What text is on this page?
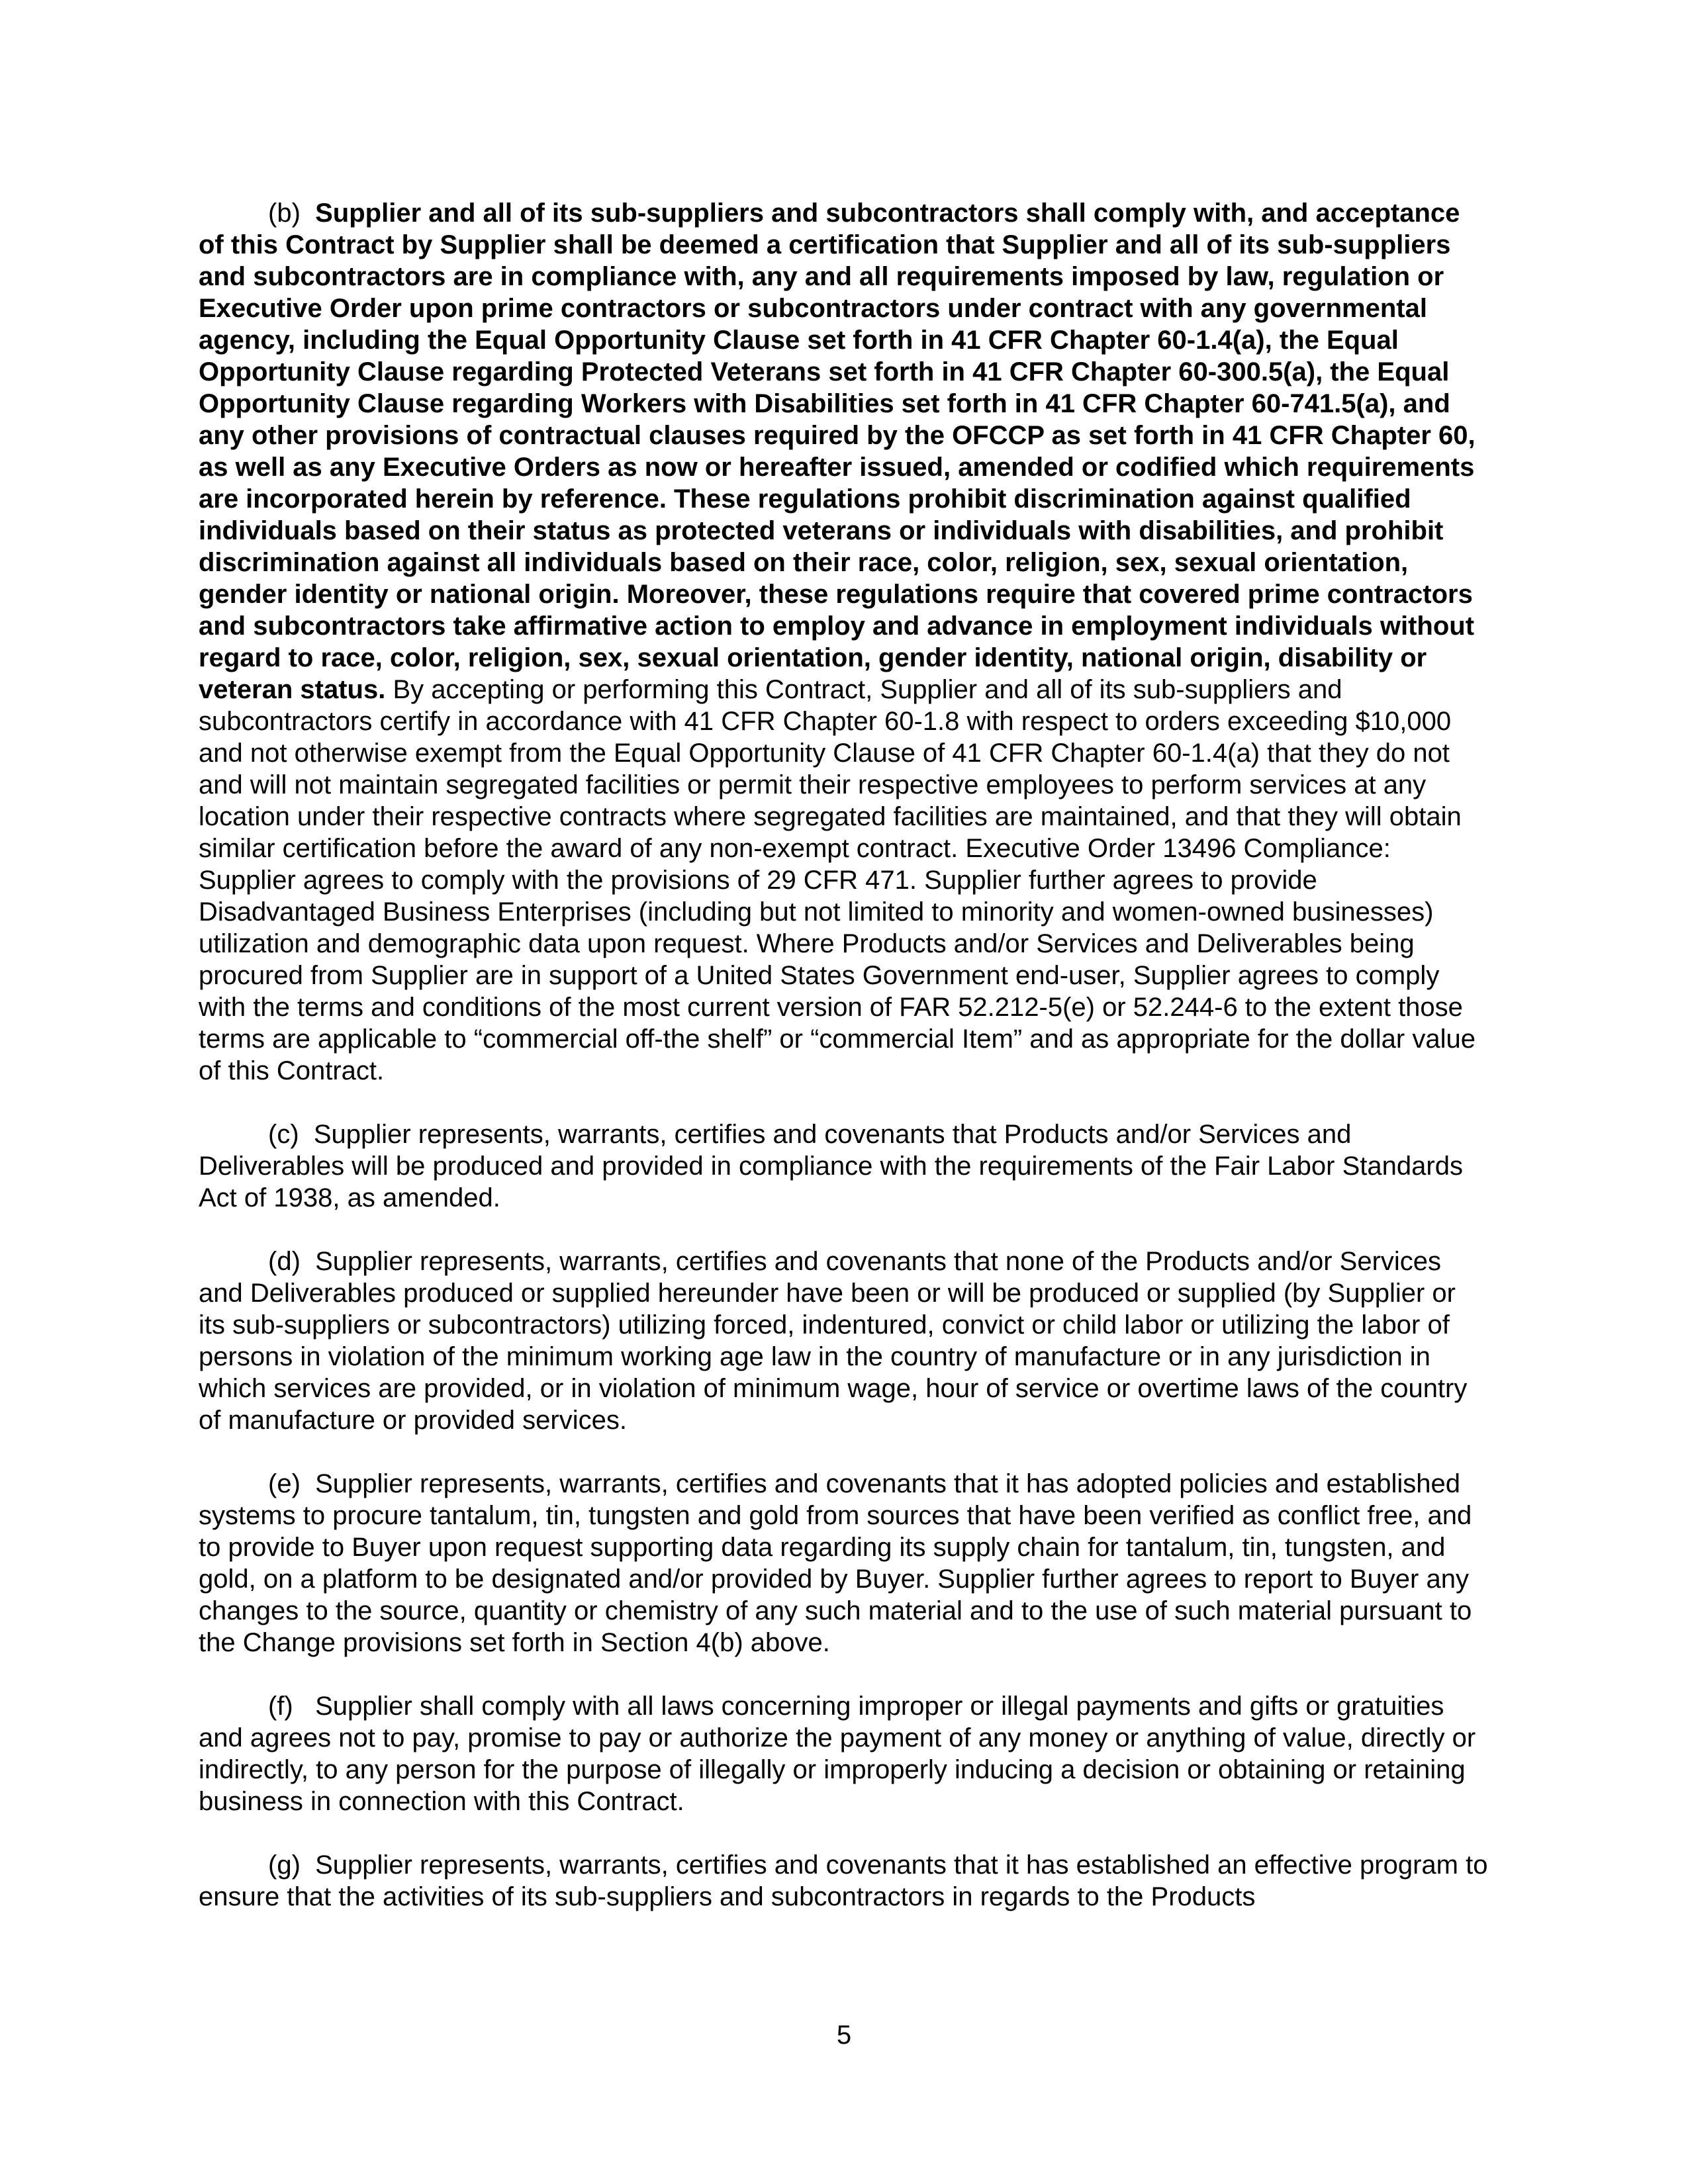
(b) Supplier and all of its sub-suppliers and subcontractors shall comply with, and acceptance of this Contract by Supplier shall be deemed a certification that Supplier and all of its sub-suppliers and subcontractors are in compliance with, any and all requirements imposed by law, regulation or Executive Order upon prime contractors or subcontractors under contract with any governmental agency, including the Equal Opportunity Clause set forth in 41 CFR Chapter 60-1.4(a), the Equal Opportunity Clause regarding Protected Veterans set forth in 41 CFR Chapter 60-300.5(a), the Equal Opportunity Clause regarding Workers with Disabilities set forth in 41 CFR Chapter 60-741.5(a), and any other provisions of contractual clauses required by the OFCCP as set forth in 41 CFR Chapter 60, as well as any Executive Orders as now or hereafter issued, amended or codified which requirements are incorporated herein by reference. These regulations prohibit discrimination against qualified individuals based on their status as protected veterans or individuals with disabilities, and prohibit discrimination against all individuals based on their race, color, religion, sex, sexual orientation, gender identity or national origin. Moreover, these regulations require that covered prime contractors and subcontractors take affirmative action to employ and advance in employment individuals without regard to race, color, religion, sex, sexual orientation, gender identity, national origin, disability or veteran status. By accepting or performing this Contract, Supplier and all of its sub-suppliers and subcontractors certify in accordance with 41 CFR Chapter 60-1.8 with respect to orders exceeding $10,000 and not otherwise exempt from the Equal Opportunity Clause of 41 CFR Chapter 60-1.4(a) that they do not and will not maintain segregated facilities or permit their respective employees to perform services at any location under their respective contracts where segregated facilities are maintained, and that they will obtain similar certification before the award of any non-exempt contract. Executive Order 13496 Compliance: Supplier agrees to comply with the provisions of 29 CFR 471. Supplier further agrees to provide Disadvantaged Business Enterprises (including but not limited to minority and women-owned businesses) utilization and demographic data upon request. Where Products and/or Services and Deliverables being procured from Supplier are in support of a United States Government end-user, Supplier agrees to comply with the terms and conditions of the most current version of FAR 52.212-5(e) or 52.244-6 to the extent those terms are applicable to “commercial off-the shelf” or “commercial Item” and as appropriate for the dollar value of this Contract.

(c) Supplier represents, warrants, certifies and covenants that Products and/or Services and Deliverables will be produced and provided in compliance with the requirements of the Fair Labor Standards Act of 1938, as amended.

(d) Supplier represents, warrants, certifies and covenants that none of the Products and/or Services and Deliverables produced or supplied hereunder have been or will be produced or supplied (by Supplier or its sub-suppliers or subcontractors) utilizing forced, indentured, convict or child labor or utilizing the labor of persons in violation of the minimum working age law in the country of manufacture or in any jurisdiction in which services are provided, or in violation of minimum wage, hour of service or overtime laws of the country of manufacture or provided services.

(e) Supplier represents, warrants, certifies and covenants that it has adopted policies and established systems to procure tantalum, tin, tungsten and gold from sources that have been verified as conflict free, and to provide to Buyer upon request supporting data regarding its supply chain for tantalum, tin, tungsten, and gold, on a platform to be designated and/or provided by Buyer. Supplier further agrees to report to Buyer any changes to the source, quantity or chemistry of any such material and to the use of such material pursuant to the Change provisions set forth in Section 4(b) above.

(f) Supplier shall comply with all laws concerning improper or illegal payments and gifts or gratuities and agrees not to pay, promise to pay or authorize the payment of any money or anything of value, directly or indirectly, to any person for the purpose of illegally or improperly inducing a decision or obtaining or retaining business in connection with this Contract.

(g) Supplier represents, warrants, certifies and covenants that it has established an effective program to ensure that the activities of its sub-suppliers and subcontractors in regards to the Products

5
